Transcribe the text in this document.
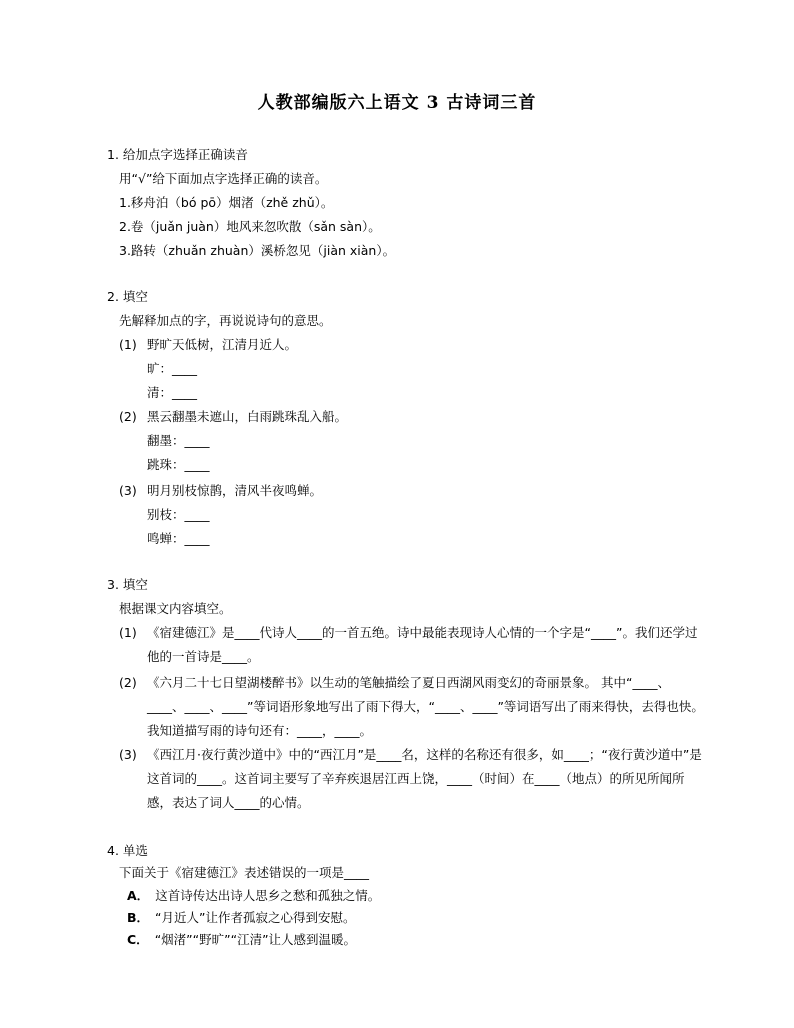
人教部编版六上语文 3 古诗词三首
1. 给加点字选择正确读音
用“√”给下面加点字选择正确的读音。
1.移舟泊（bó pō）烟渚（zhě zhǔ）。
2.卷（juǎn juàn）地风来忽吹散（sǎn sàn）。
3.路转（zhuǎn zhuàn）溪桥忽见（jiàn xiàn）。
2. 填空
先解释加点的字，再说说诗句的意思。
(1) 野旷天低树，江清月近人。
旷：____
清：____
(2) 黑云翻墨未遮山，白雨跳珠乱入船。
翻墨：____
跳珠：____
(3) 明月别枝惊鹊，清风半夜鸣蝉。
别枝：____
鸣蝉：____
3. 填空
根据课文内容填空。
(1) 《宿建德江》是____代诗人____的一首五绝。诗中最能表现诗人心情的一个字是“____”。我们还学过他的一首诗是____。
(2) 《六月二十七日望湖楼醉书》以生动的笔触描绘了夏日西湖风雨变幻的奇丽景象。 其中“____、____、____、____”等词语形象地写出了雨下得大，“____、____”等词语写出了雨来得快，去得也快。我知道描写雨的诗句还有：____，____。
(3) 《西江月·夜行黄沙道中》中的“西江月”是____名，这样的名称还有很多，如____；“夜行黄沙道中”是这首词的____。这首词主要写了辛弃疾退居江西上饶，____（时间）在____（地点）的所见所闻所感，表达了词人____的心情。
4. 单选
下面关于《宿建德江》表述错误的一项是____
A． 这首诗传达出诗人思乡之愁和孤独之情。
B． “月近人”让作者孤寂之心得到安慰。
C． “烟渚”“野旷”“江清”让人感到温暖。
